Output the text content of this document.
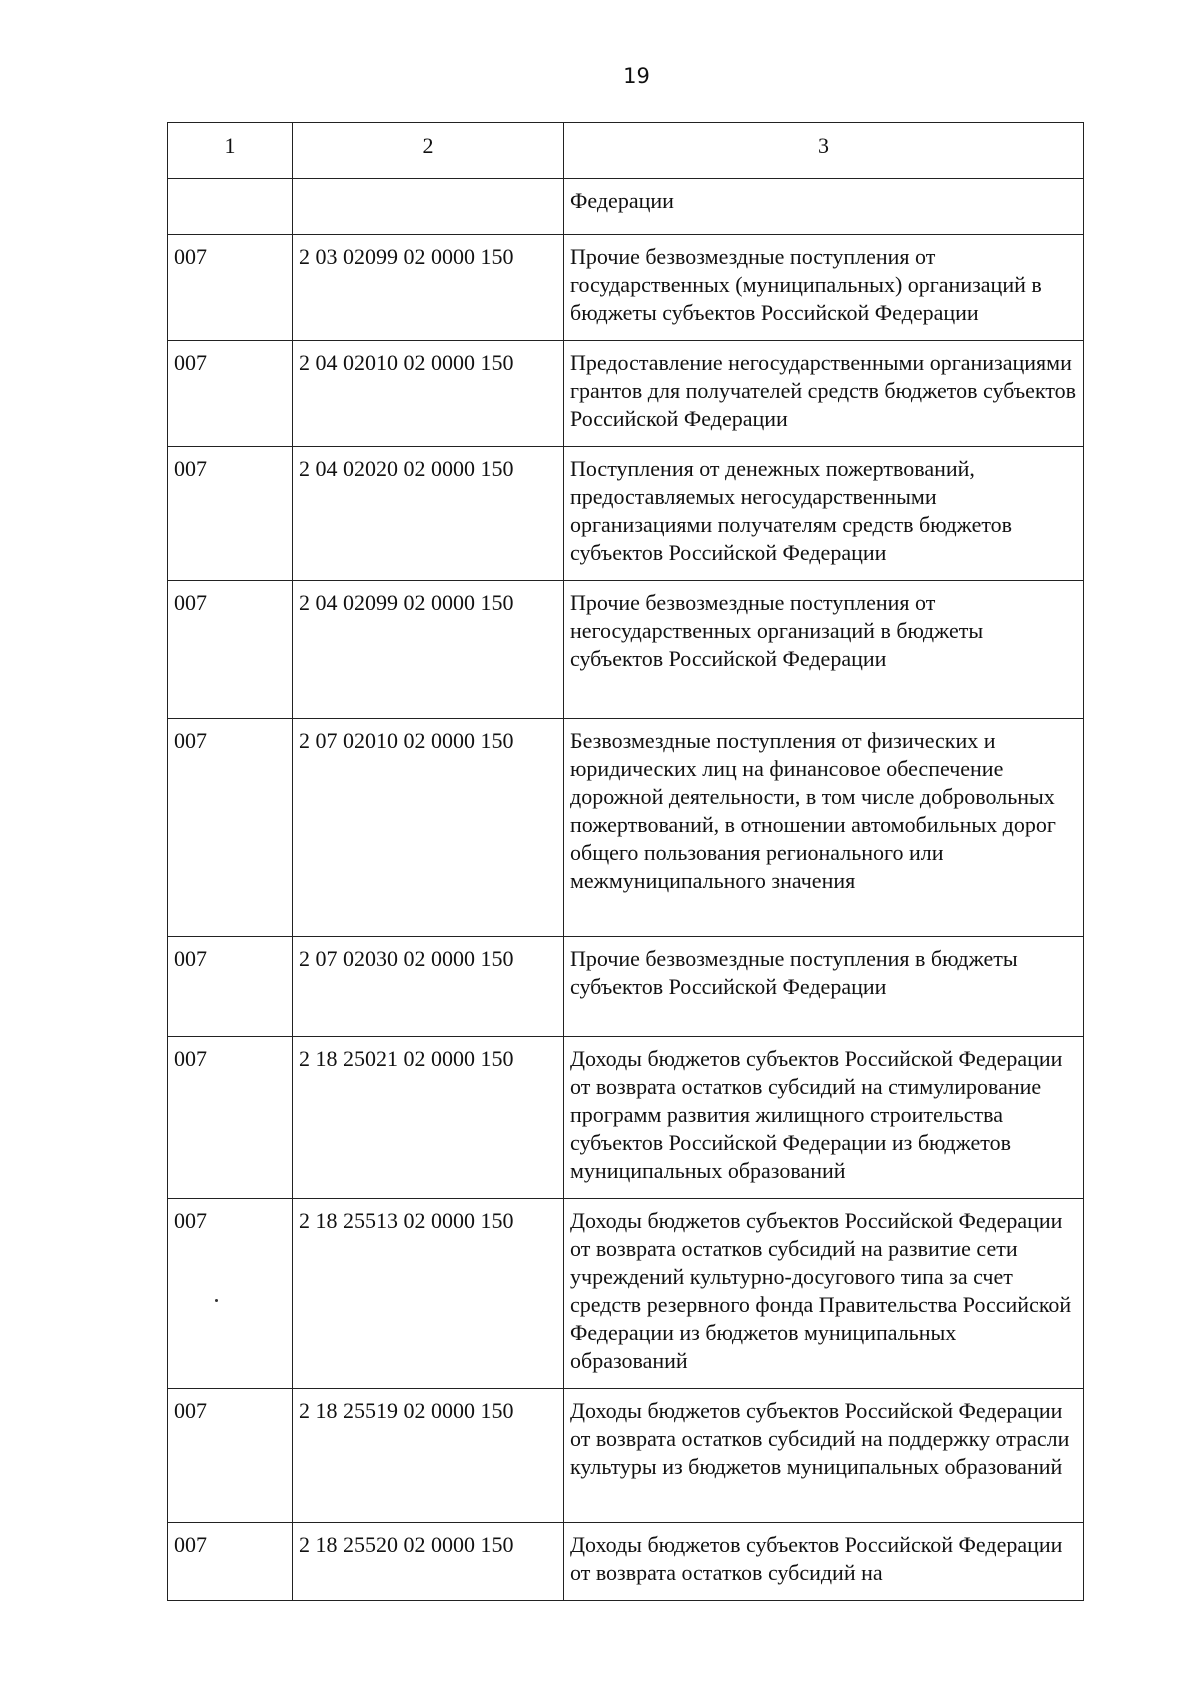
19
1	2	3
		Федерации
007	2 03 02099 02 0000 150	Прочие безвозмездные поступления от государственных (муниципальных) организаций в бюджеты субъектов Российской Федерации
007	2 04 02010 02 0000 150	Предоставление негосударственными организациями грантов для получателей средств бюджетов субъектов Российской Федерации
007	2 04 02020 02 0000 150	Поступления от денежных пожертвований, предоставляемых негосударственными организациями получателям средств бюджетов субъектов Российской Федерации
007	2 04 02099 02 0000 150	Прочие безвозмездные поступления от негосударственных организаций в бюджеты субъектов Российской Федерации
007	2 07 02010 02 0000 150	Безвозмездные поступления от физических и юридических лиц на финансовое обеспечение дорожной деятельности, в том числе добровольных пожертвований, в отношении автомобильных дорог общего пользования регионального или межмуниципального значения
007	2 07 02030 02 0000 150	Прочие безвозмездные поступления в бюджеты субъектов Российской Федерации
007	2 18 25021 02 0000 150	Доходы бюджетов субъектов Российской Федерации от возврата остатков субсидий на стимулирование программ развития жилищного строительства субъектов Российской Федерации из бюджетов муниципальных образований
007	2 18 25513 02 0000 150	Доходы бюджетов субъектов Российской Федерации от возврата остатков субсидий на развитие сети учреждений культурно-досугового типа за счет средств резервного фонда Правительства Российской Федерации из бюджетов муниципальных образований
007	2 18 25519 02 0000 150	Доходы бюджетов субъектов Российской Федерации от возврата остатков субсидий на поддержку отрасли культуры из бюджетов муниципальных образований
007	2 18 25520 02 0000 150	Доходы бюджетов субъектов Российской Федерации от возврата остатков субсидий на
